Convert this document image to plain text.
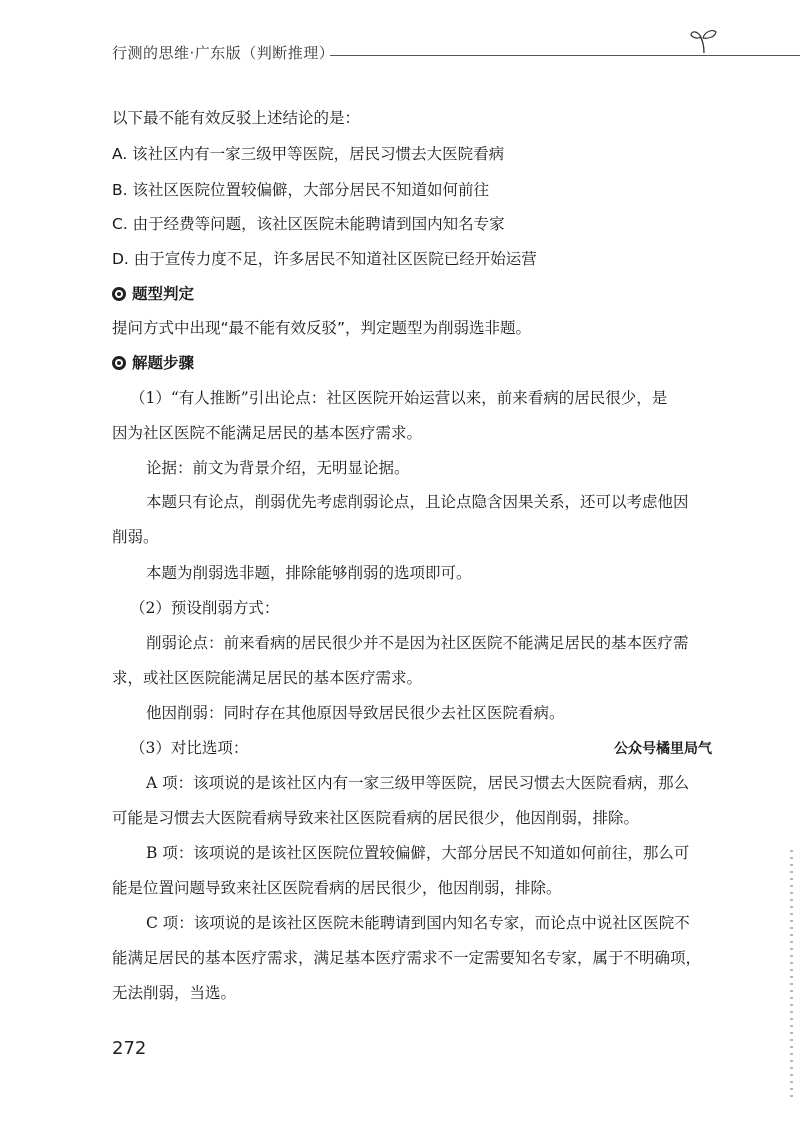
行测的思维·广东版（判断推理）
以下最不能有效反驳上述结论的是：
A. 该社区内有一家三级甲等医院，居民习惯去大医院看病
B. 该社区医院位置较偏僻，大部分居民不知道如何前往
C. 由于经费等问题，该社区医院未能聘请到国内知名专家
D. 由于宣传力度不足，许多居民不知道社区医院已经开始运营
题型判定
提问方式中出现“最不能有效反驳”，判定题型为削弱选非题。
解题步骤
（1）“有人推断”引出论点：社区医院开始运营以来，前来看病的居民很少，是
因为社区医院不能满足居民的基本医疗需求。
论据：前文为背景介绍，无明显论据。
本题只有论点，削弱优先考虑削弱论点，且论点隐含因果关系，还可以考虑他因
削弱。
本题为削弱选非题，排除能够削弱的选项即可。
（2）预设削弱方式：
削弱论点：前来看病的居民很少并不是因为社区医院不能满足居民的基本医疗需
求，或社区医院能满足居民的基本医疗需求。
他因削弱：同时存在其他原因导致居民很少去社区医院看病。
（3）对比选项：	公众号橘里局气
A 项：该项说的是该社区内有一家三级甲等医院，居民习惯去大医院看病，那么
可能是习惯去大医院看病导致来社区医院看病的居民很少，他因削弱，排除。
B 项：该项说的是该社区医院位置较偏僻，大部分居民不知道如何前往，那么可
能是位置问题导致来社区医院看病的居民很少，他因削弱，排除。
C 项：该项说的是该社区医院未能聘请到国内知名专家，而论点中说社区医院不
能满足居民的基本医疗需求，满足基本医疗需求不一定需要知名专家，属于不明确项，
无法削弱，当选。
272
